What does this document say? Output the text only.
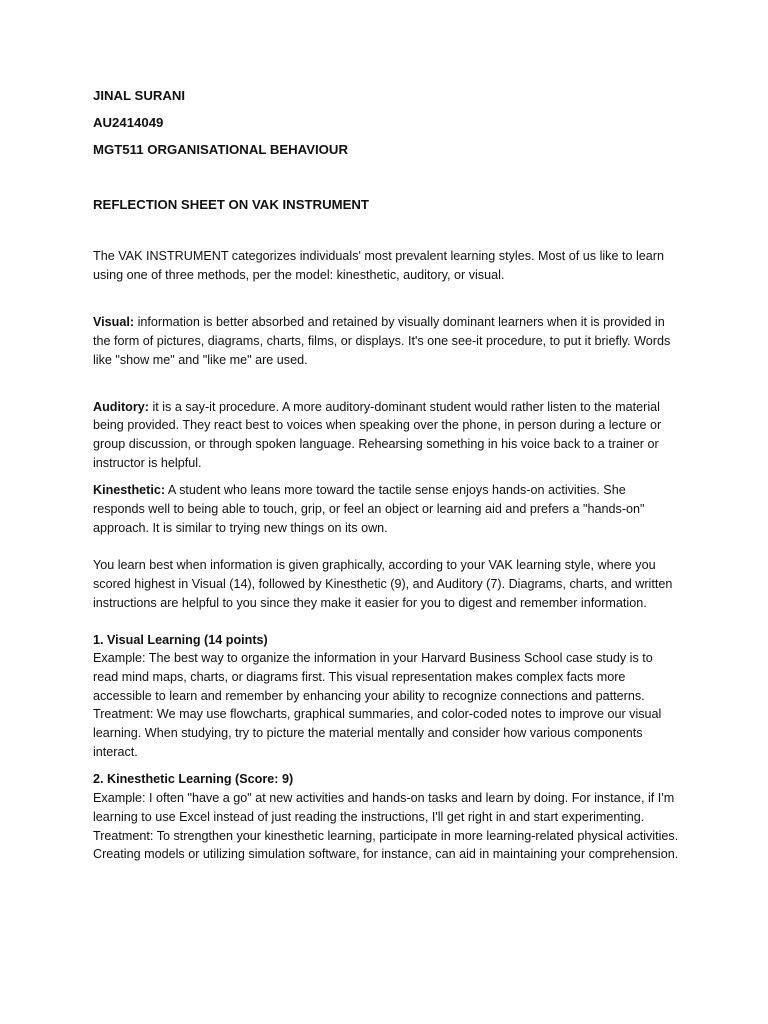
JINAL SURANI

AU2414049

MGT511 ORGANISATIONAL BEHAVIOUR

REFLECTION SHEET ON VAK INSTRUMENT

The VAK INSTRUMENT categorizes individuals' most prevalent learning styles. Most of us like to learn using one of three methods, per the model: kinesthetic, auditory, or visual.

Visual: information is better absorbed and retained by visually dominant learners when it is provided in the form of pictures, diagrams, charts, films, or displays. It's one see-it procedure, to put it briefly. Words like "show me" and "like me" are used.

Auditory: it is a say-it procedure. A more auditory-dominant student would rather listen to the material being provided. They react best to voices when speaking over the phone, in person during a lecture or group discussion, or through spoken language. Rehearsing something in his voice back to a trainer or instructor is helpful.

Kinesthetic: A student who leans more toward the tactile sense enjoys hands-on activities. She responds well to being able to touch, grip, or feel an object or learning aid and prefers a "hands-on" approach. It is similar to trying new things on its own.

You learn best when information is given graphically, according to your VAK learning style, where you scored highest in Visual (14), followed by Kinesthetic (9), and Auditory (7). Diagrams, charts, and written instructions are helpful to you since they make it easier for you to digest and remember information.

1. Visual Learning (14 points)
Example: The best way to organize the information in your Harvard Business School case study is to read mind maps, charts, or diagrams first. This visual representation makes complex facts more accessible to learn and remember by enhancing your ability to recognize connections and patterns.
Treatment: We may use flowcharts, graphical summaries, and color-coded notes to improve our visual learning. When studying, try to picture the material mentally and consider how various components interact.
2. Kinesthetic Learning (Score: 9)
Example: I often "have a go" at new activities and hands-on tasks and learn by doing. For instance, if I'm learning to use Excel instead of just reading the instructions, I'll get right in and start experimenting.
Treatment: To strengthen your kinesthetic learning, participate in more learning-related physical activities. Creating models or utilizing simulation software, for instance, can aid in maintaining your comprehension.
